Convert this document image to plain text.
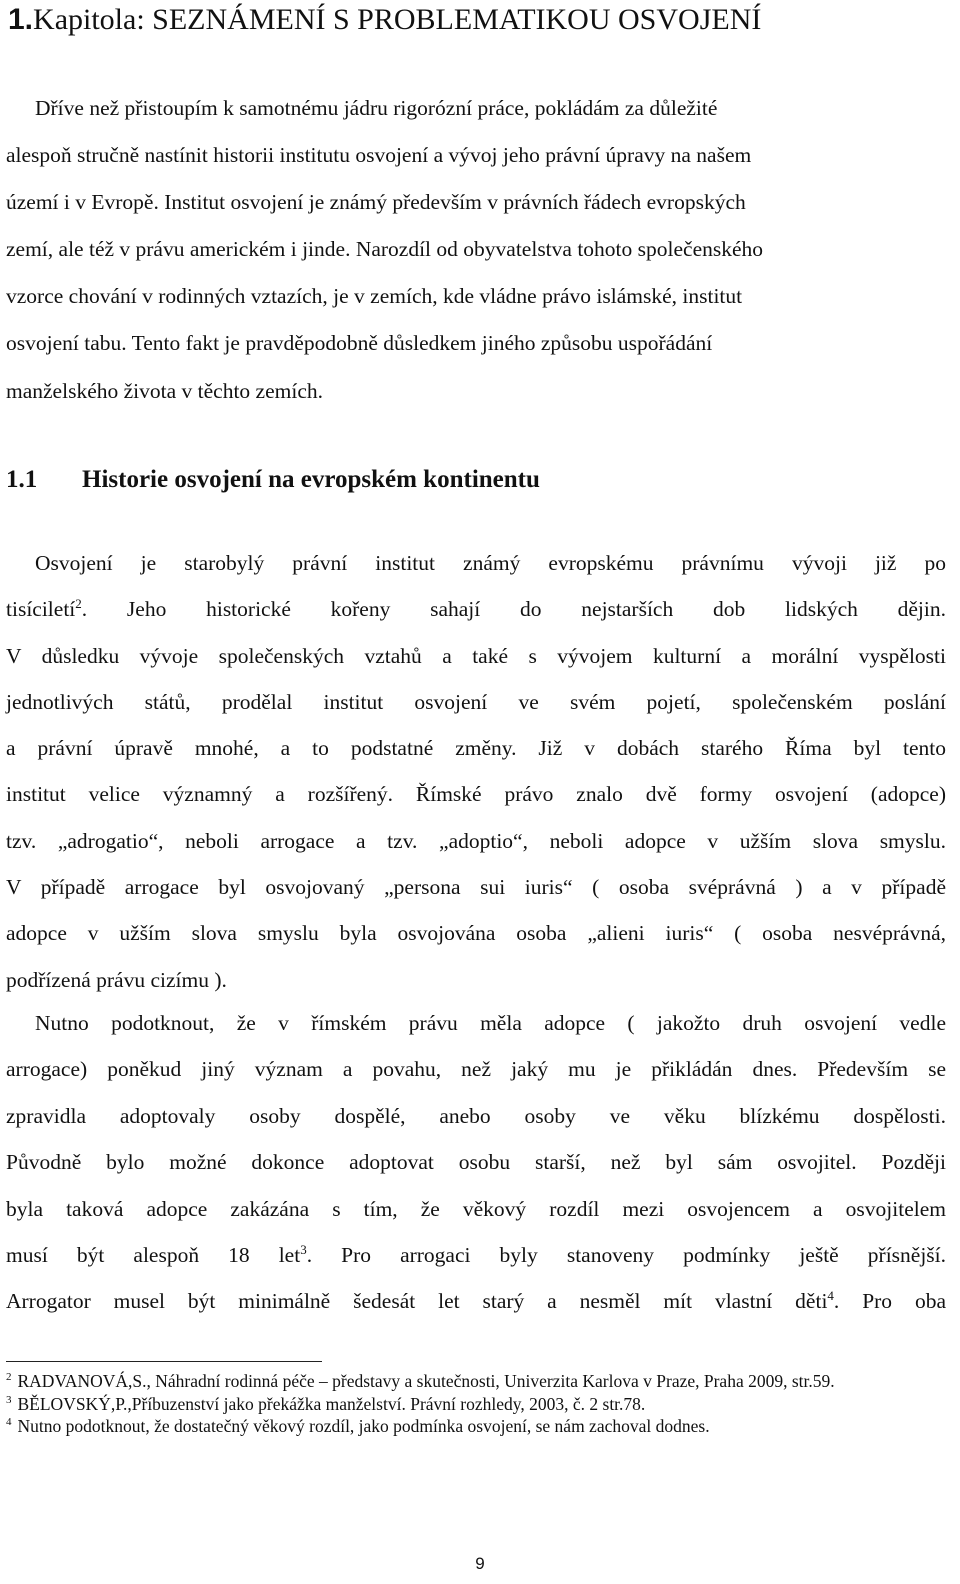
1.Kapitola: SEZNÁMENÍ S PROBLEMATIKOU OSVOJENÍ
Dříve než přistoupím k samotnému jádru rigorózní práce, pokládám za důležité
alespoň stručně nastínit historii institutu osvojení a vývoj jeho právní úpravy na našem
území i v Evropě. Institut osvojení je známý především v právních řádech evropských
zemí, ale též v právu americkém i jinde. Narozdíl od obyvatelstva tohoto společenského
vzorce chování v rodinných vztazích, je v zemích, kde vládne právo islámské, institut
osvojení tabu. Tento fakt je pravděpodobně důsledkem jiného způsobu uspořádání
manželského života v těchto zemích.
1.1 Historie osvojení na evropském kontinentu
Osvojení je starobylý právní institut známý evropskému právnímu vývoji již po
tisíciletí$^2$. Jeho historické kořeny sahají do nejstarších dob lidských dějin.
V důsledku vývoje společenských vztahů a také s vývojem kulturní a morální vyspělosti
jednotlivých států, prodělal institut osvojení ve svém pojetí, společenském poslání
a právní úpravě mnohé, a to podstatné změny. Již v dobách starého Říma byl tento
institut velice významný a rozšířený. Římské právo znalo dvě formy osvojení (adopce)
tzv. „adrogatio“, neboli arrogace a tzv. „adoptio“, neboli adopce v užším slova smyslu.
V případě arrogace byl osvojovaný „persona sui iuris“ ( osoba svéprávná ) a v případě
adopce v užším slova smyslu byla osvojována osoba „alieni iuris“ ( osoba nesvéprávná,
podřízená právu cizímu ).
Nutno podotknout, že v římském právu měla adopce ( jakožto druh osvojení vedle
arrogace) poněkud jiný význam a povahu, než jaký mu je přikládán dnes. Především se
zpravidla adoptovaly osoby dospělé, anebo osoby ve věku blízkému dospělosti.
Původně bylo možné dokonce adoptovat osobu starší, než byl sám osvojitel. Později
byla taková adopce zakázána s tím, že věkový rozdíl mezi osvojencem a osvojitelem
musí být alespoň 18 let$^3$. Pro arrogaci byly stanoveny podmínky ještě přísnější.
Arrogator musel být minimálně šedesát let starý a nesměl mít vlastní děti$^4$. Pro oba
$^2$ RADVANOVÁ,S., Náhradní rodinná péče – představy a skutečnosti, Univerzita Karlova v Praze, Praha 2009, str.59.
$^3$ BĚLOVSKÝ,P.,Příbuzenství jako překážka manželství. Právní rozhledy, 2003, č. 2 str.78.
$^4$ Nutno podotknout, že dostatečný věkový rozdíl, jako podmínka osvojení, se nám zachoval dodnes.
9
